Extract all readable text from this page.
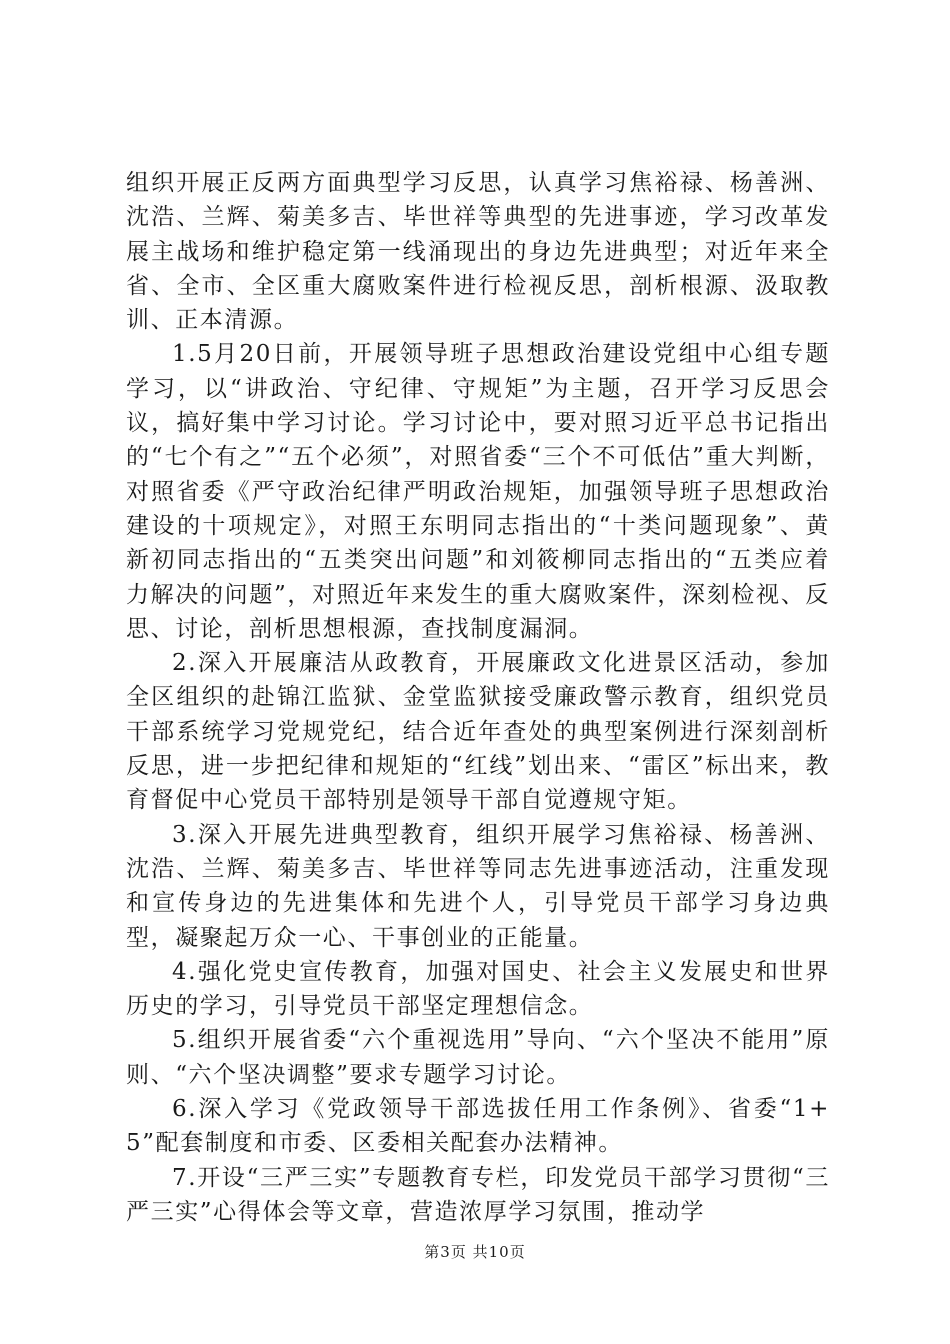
组织开展正反两方面典型学习反思，认真学习焦裕禄、杨善洲、沈浩、兰辉、菊美多吉、毕世祥等典型的先进事迹，学习改革发展主战场和维护稳定第一线涌现出的身边先进典型；对近年来全省、全市、全区重大腐败案件进行检视反思，剖析根源、汲取教训、正本清源。

1.5月20日前，开展领导班子思想政治建设党组中心组专题学习，以“讲政治、守纪律、守规矩”为主题，召开学习反思会议，搞好集中学习讨论。学习讨论中，要对照习近平总书记指出的“七个有之”“五个必须”，对照省委“三个不可低估”重大判断，对照省委《严守政治纪律严明政治规矩，加强领导班子思想政治建设的十项规定》，对照王东明同志指出的“十类问题现象”、黄新初同志指出的“五类突出问题”和刘筱柳同志指出的“五类应着力解决的问题”，对照近年来发生的重大腐败案件，深刻检视、反思、讨论，剖析思想根源，查找制度漏洞。

2.深入开展廉洁从政教育，开展廉政文化进景区活动，参加全区组织的赴锦江监狱、金堂监狱接受廉政警示教育，组织党员干部系统学习党规党纪，结合近年查处的典型案例进行深刻剖析反思，进一步把纪律和规矩的“红线”划出来、“雷区”标出来，教育督促中心党员干部特别是领导干部自觉遵规守矩。

3.深入开展先进典型教育，组织开展学习焦裕禄、杨善洲、沈浩、兰辉、菊美多吉、毕世祥等同志先进事迹活动，注重发现和宣传身边的先进集体和先进个人，引导党员干部学习身边典型，凝聚起万众一心、干事创业的正能量。

4.强化党史宣传教育，加强对国史、社会主义发展史和世界历史的学习，引导党员干部坚定理想信念。

5.组织开展省委“六个重视选用”导向、“六个坚决不能用”原则、“六个坚决调整”要求专题学习讨论。

6.深入学习《党政领导干部选拔任用工作条例》、省委“1+5”配套制度和市委、区委相关配套办法精神。

7.开设“三严三实”专题教育专栏，印发党员干部学习贯彻“三严三实”心得体会等文章，营造浓厚学习氛围，推动学

第3页 共10页
